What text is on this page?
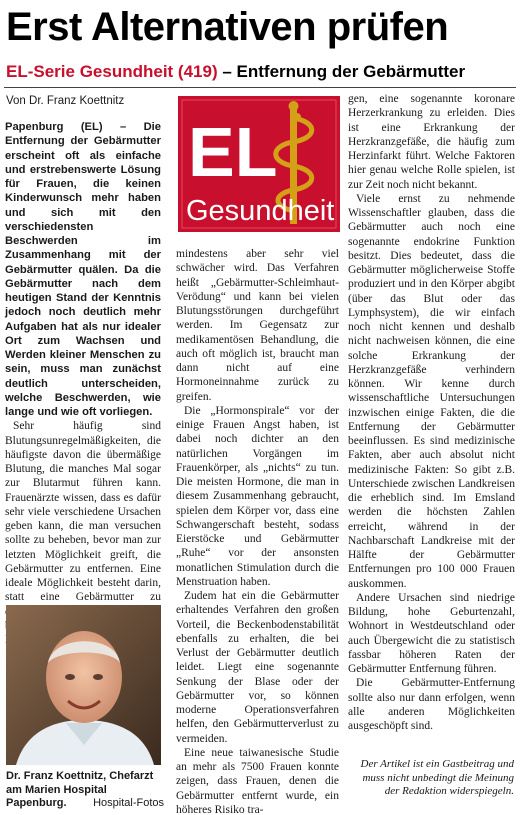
Erst Alternativen prüfen
EL-Serie Gesundheit (419) – Entfernung der Gebärmutter
Von Dr. Franz Koettnitz

Papenburg (EL) – Die Entfernung der Gebärmutter erscheint oft als einfache und erstrebenswerte Lösung für Frauen, die keinen Kinderwunsch mehr haben und sich mit den verschiedensten Beschwerden im Zusammenhang mit der Gebärmutter quälen. Da die Gebärmutter nach dem heutigen Stand der Kenntnis jedoch noch deutlich mehr Aufgaben hat als nur idealer Ort zum Wachsen und Werden kleiner Menschen zu sein, muss man zunächst deutlich unterscheiden, welche Beschwerden, wie lange und wie oft vorliegen.

Sehr häufig sind Blutungsunregelmäßigkeiten, die häufigste davon die übermäßige Blutung, die manches Mal sogar zur Blutarmut führen kann. Frauenärzte wissen, dass es dafür sehr viele verschiedene Ursachen geben kann, die man versuchen sollte zu beheben, bevor man zur letzten Möglichkeit greift, die Gebärmutter zu entfernen. Eine ideale Möglichkeit besteht darin, statt eine Gebärmutter zu

EL
Gesundheit

mindestens aber sehr viel schwächer wird. Das Verfahren heißt „Gebärmutter-Schleimhaut-Verödung“ und kann bei vielen Blutungsstörungen durchgeführt werden. Im Gegensatz zur medikamentösen Behandlung, die auch oft möglich ist, braucht man dann nicht auf eine Hormoneinnahme zurück zu greifen.

Die „Hormonspirale“ vor der einige Frauen Angst haben, ist dabei noch dichter an den natürlichen Vorgängen im Frauenkörper, als „nichts“ zu tun. Die meisten Hormone, die man in diesem Zusammenhang gebraucht, spielen dem Körper vor, dass eine Schwangerschaft besteht, sodass Eierstöcke und Gebärmutter „Ruhe“ vor der ansonsten monatlichen Stimulation durch die Menstruation haben.

Zudem hat ein die Gebärmutter erhaltendes Verfahren den großen Vorteil, die Beckenbodenstabilität ebenfalls zu erhalten, die bei Verlust der Gebärmutter deutlich leidet. Liegt eine sogenannte Senkung der Blase oder der Gebärmutter vor, so können moderne Operationsverfahren helfen, den Gebärmutterverlust zu vermeiden.

Eine neue taiwanesische Studie an mehr als 7500 Frauen konnte zeigen, dass Frauen, denen die Gebärmutter entfernt wurde, ein höheres Risiko tra-

gen, eine sogenannte koronare Herzerkrankung zu erleiden. Dies ist eine Erkrankung der Herzkranzgefäße, die häufig zum Herzinfarkt führt. Welche Faktoren hier genau welche Rolle spielen, ist zur Zeit noch nicht bekannt.

Viele ernst zu nehmende Wissenschaftler glauben, dass die Gebärmutter auch noch eine sogenannte endokrine Funktion besitzt. Dies bedeutet, dass die Gebärmutter möglicherweise Stoffe produziert und in den Körper abgibt (über das Blut oder das Lymphsystem), die wir einfach noch nicht kennen und deshalb nicht nachweisen können, die eine solche Erkrankung der Herzkranzgefäße verhindern können. Wir kenne durch wissenschaftliche Untersuchungen inzwischen einige Fakten, die die Entfernung der Gebärmutter beeinflussen. Es sind medizinische Fakten, aber auch absolut nicht medizinische Fakten: So gibt z.B. Unterschiede zwischen Landkreisen die erheblich sind. Im Emsland werden die höchsten Zahlen erreicht, während in der Nachbarschaft Landkreise mit der Hälfte der Gebärmutter Entfernungen pro 100 000 Frauen auskommen.

Andere Ursachen sind niedrige Bildung, hohe Geburtenzahl, Wohnort in Westdeutschland oder auch Übergewicht die zu statistisch fassbar höheren Raten der Gebärmutter Entfernung führen.

Die Gebärmutter-Entfernung sollte also nur dann erfolgen, wenn alle anderen Möglichkeiten ausgeschöpft sind.

Dr. Franz Koettnitz, Chefarzt am Marien Hospital Papenburg. Hospital-Fotos
Der Artikel ist ein Gastbeitrag und muss nicht unbedingt die Meinung der Redaktion widerspiegeln.
